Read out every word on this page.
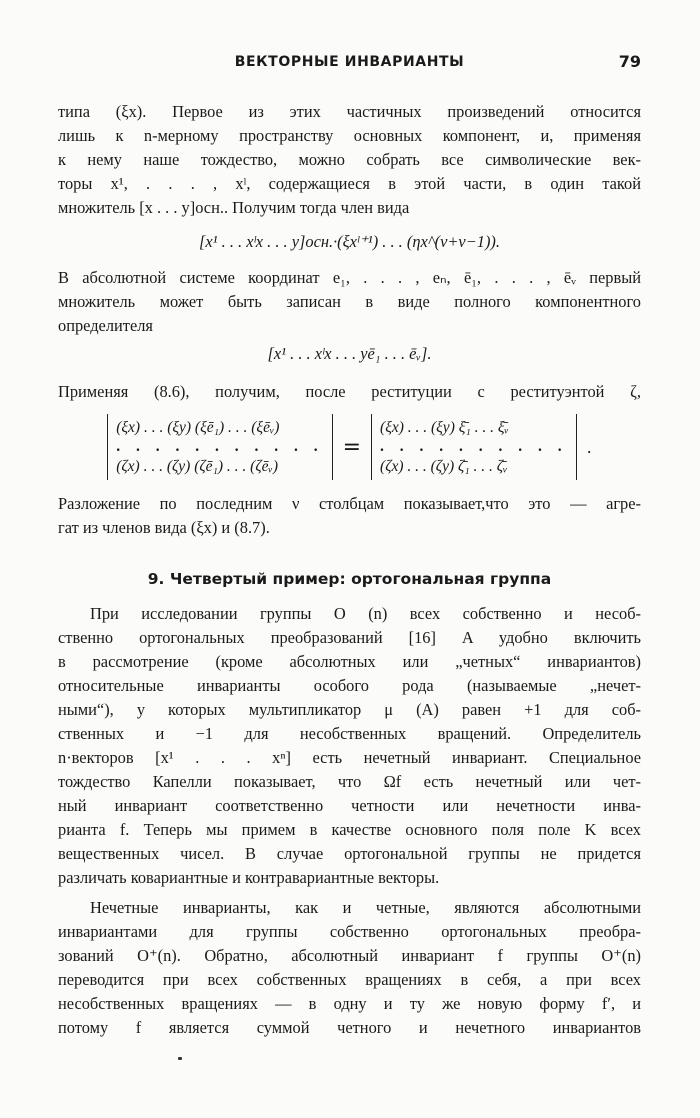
ВЕКТОРНЫЕ ИНВАРИАНТЫ	79

типа (ξx). Первое из этих частичных произведений относится

лишь к n-мерному пространству основных компонент, и, применяя

к нему наше тождество, можно собрать все символические век-

торы x¹, . . . , xˡ, содержащиеся в этой части, в один такой

множитель [x . . . y]осн.. Получим тогда член вида

[x¹ . . . xˡx . . . y]осн.·(ξxˡ⁺¹) . . . (ηx^(ν+ν−1)).

В абсолютной системе координат e₁, . . . , eₙ, ē₁, . . . , ēᵥ первый

множитель может быть записан в виде полного компонентного

определителя

[x¹ . . . xˡx . . . yē₁ . . . ēᵥ].

Применяя (8.6), получим, после реституции с реституэнтой ζ,

(ξx) . . . (ξy) (ξē₁) . . . (ξēᵥ)
. . . . . . . . . . .
(ζx) . . . (ζy) (ζē₁) . . . (ζēᵥ)
=
(ξx) . . . (ξy) ξ̄₁ . . . ξ̄ᵥ
. . . . . . . . . .
(ζx) . . . (ζy) ζ̄₁ . . . ζ̄ᵥ
.

Разложение по последним ν столбцам показывает,что это — агре-

гат из членов вида (ξx) и (8.7).

9. Четвертый пример: ортогональная группа

При исследовании группы O (n) всех собственно и несоб-

ственно ортогональных преобразований [16] A удобно включить

в рассмотрение (кроме абсолютных или „четных“ инвариантов)

относительные инварианты особого рода (называемые „нечет-

ными“), у которых мультипликатор μ (A) равен +1 для соб-

ственных и −1 для несобственных вращений. Определитель

n·векторов [x¹ . . . xⁿ] есть нечетный инвариант. Специальное

тождество Капелли показывает, что Ωf есть нечетный или чет-

ный инвариант соответственно четности или нечетности инва-

рианта f. Теперь мы примем в качестве основного поля поле K всех

вещественных чисел. В случае ортогональной группы не придется

различать ковариантные и контравариантные векторы.

Нечетные инварианты, как и четные, являются абсолютными

инвариантами для группы собственно ортогональных преобра-

зований O⁺(n). Обратно, абсолютный инвариант f группы O⁺(n)

переводится при всех собственных вращениях в себя, а при всех

несобственных вращениях — в одну и ту же новую форму f′, и

потому f является суммой четного и нечетного инвариантов
